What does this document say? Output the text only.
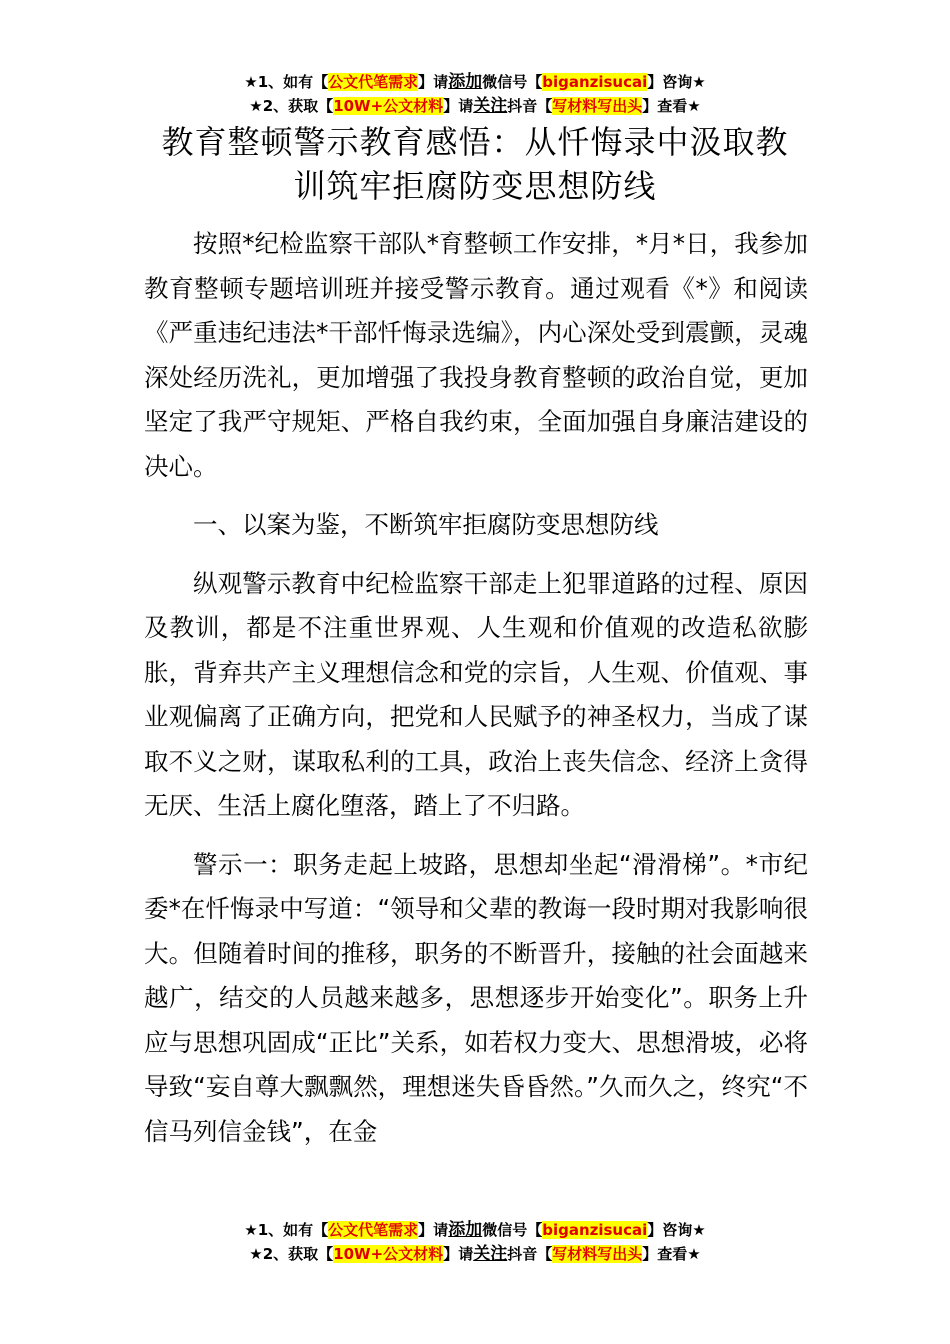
★1、如有【公文代笔需求】请添加微信号【biganzisucai】咨询★
★2、获取【10W+公文材料】请关注抖音【写材料写出头】查看★
教育整顿警示教育感悟：从忏悔录中汲取教
训筑牢拒腐防变思想防线

按照*纪检监察干部队*育整顿工作安排，*月*日，我参加教育整顿专题培训班并接受警示教育。通过观看《*》和阅读《严重违纪违法*干部忏悔录选编》，内心深处受到震颤，灵魂深处经历洗礼，更加增强了我投身教育整顿的政治自觉，更加坚定了我严守规矩、严格自我约束，全面加强自身廉洁建设的决心。

一、以案为鉴，不断筑牢拒腐防变思想防线

纵观警示教育中纪检监察干部走上犯罪道路的过程、原因及教训，都是不注重世界观、人生观和价值观的改造私欲膨胀，背弃共产主义理想信念和党的宗旨，人生观、价值观、事业观偏离了正确方向，把党和人民赋予的神圣权力，当成了谋取不义之财，谋取私利的工具，政治上丧失信念、经济上贪得无厌、生活上腐化堕落，踏上了不归路。

警示一：职务走起上坡路，思想却坐起“滑滑梯”。*市纪委*在忏悔录中写道：“领导和父辈的教诲一段时期对我影响很大。但随着时间的推移，职务的不断晋升，接触的社会面越来越广，结交的人员越来越多，思想逐步开始变化”。职务上升应与思想巩固成“正比”关系，如若权力变大、思想滑坡，必将导致“妄自尊大飘飘然，理想迷失昏昏然。”久而久之，终究“不信马列信金钱”，在金

★1、如有【公文代笔需求】请添加微信号【biganzisucai】咨询★
★2、获取【10W+公文材料】请关注抖音【写材料写出头】查看★
